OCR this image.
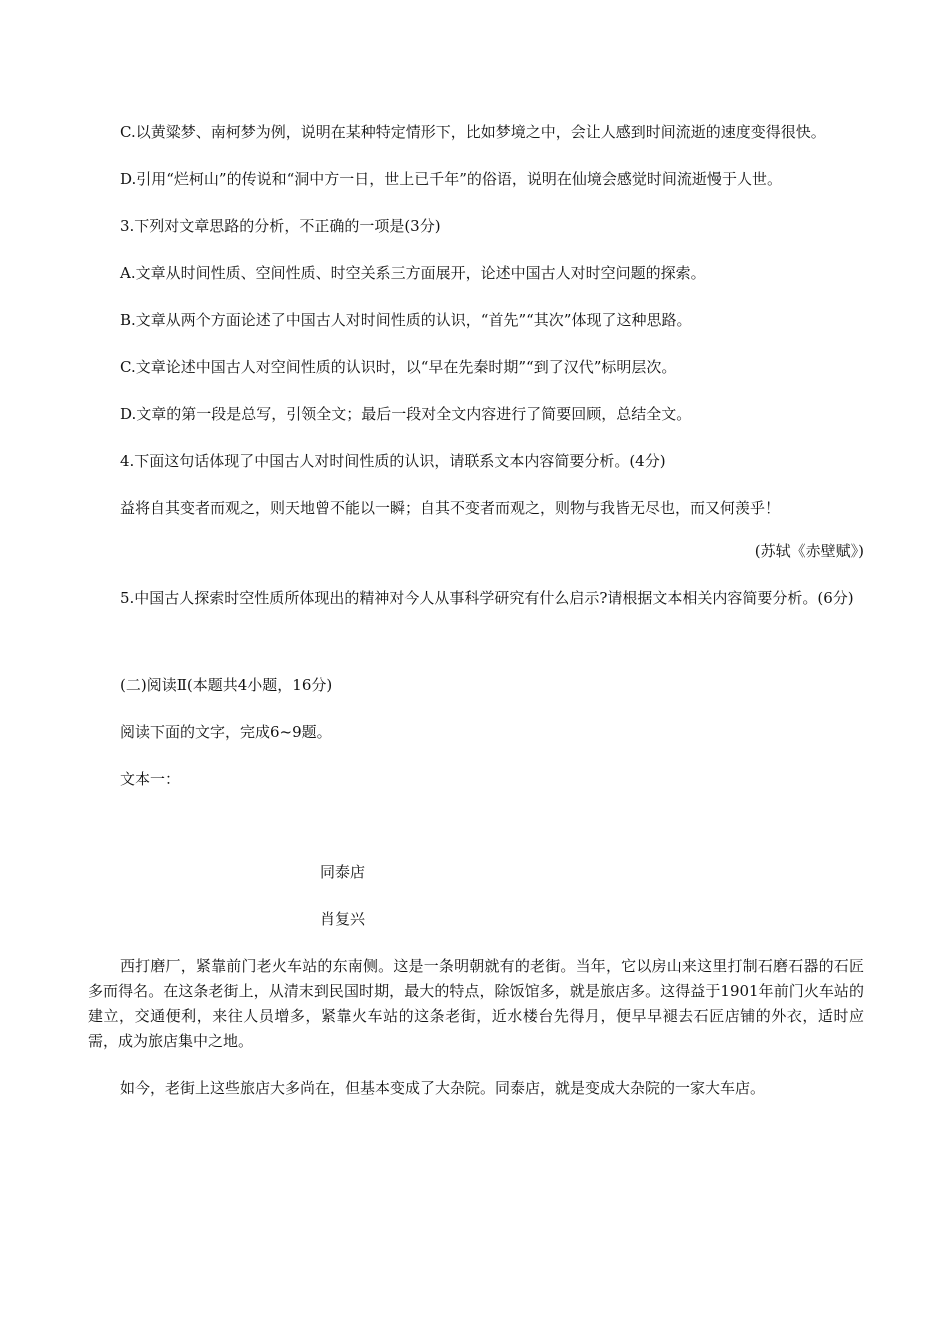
C.以黄粱梦、南柯梦为例，说明在某种特定情形下，比如梦境之中，会让人感到时间流逝的速度变得很快。

D.引用“烂柯山”的传说和“洞中方一日，世上已千年”的俗语，说明在仙境会感觉时间流逝慢于人世。

3.下列对文章思路的分析，不正确的一项是(3分)

A.文章从时间性质、空间性质、时空关系三方面展开，论述中国古人对时空问题的探索。

B.文章从两个方面论述了中国古人对时间性质的认识，“首先”“其次”体现了这种思路。

C.文章论述中国古人对空间性质的认识时，以“早在先秦时期”“到了汉代”标明层次。

D.文章的第一段是总写，引领全文；最后一段对全文内容进行了简要回顾，总结全文。

4.下面这句话体现了中国古人对时间性质的认识，请联系文本内容简要分析。(4分)

益将自其变者而观之，则天地曾不能以一瞬；自其不变者而观之，则物与我皆无尽也，而又何羡乎！

(苏轼《赤壁赋》)

5.中国古人探索时空性质所体现出的精神对今人从事科学研究有什么启示?请根据文本相关内容简要分析。(6分)

(二)阅读Ⅱ(本题共4小题，16分)

阅读下面的文字，完成6~9题。

文本一：

同泰店

肖复兴

西打磨厂，紧靠前门老火车站的东南侧。这是一条明朝就有的老街。当年，它以房山来这里打制石磨石器的石匠多而得名。在这条老街上，从清末到民国时期，最大的特点，除饭馆多，就是旅店多。这得益于1901年前门火车站的建立，交通便利，来往人员增多，紧靠火车站的这条老街，近水楼台先得月，便早早褪去石匠店铺的外衣，适时应需，成为旅店集中之地。

如今，老街上这些旅店大多尚在，但基本变成了大杂院。同泰店，就是变成大杂院的一家大车店。
